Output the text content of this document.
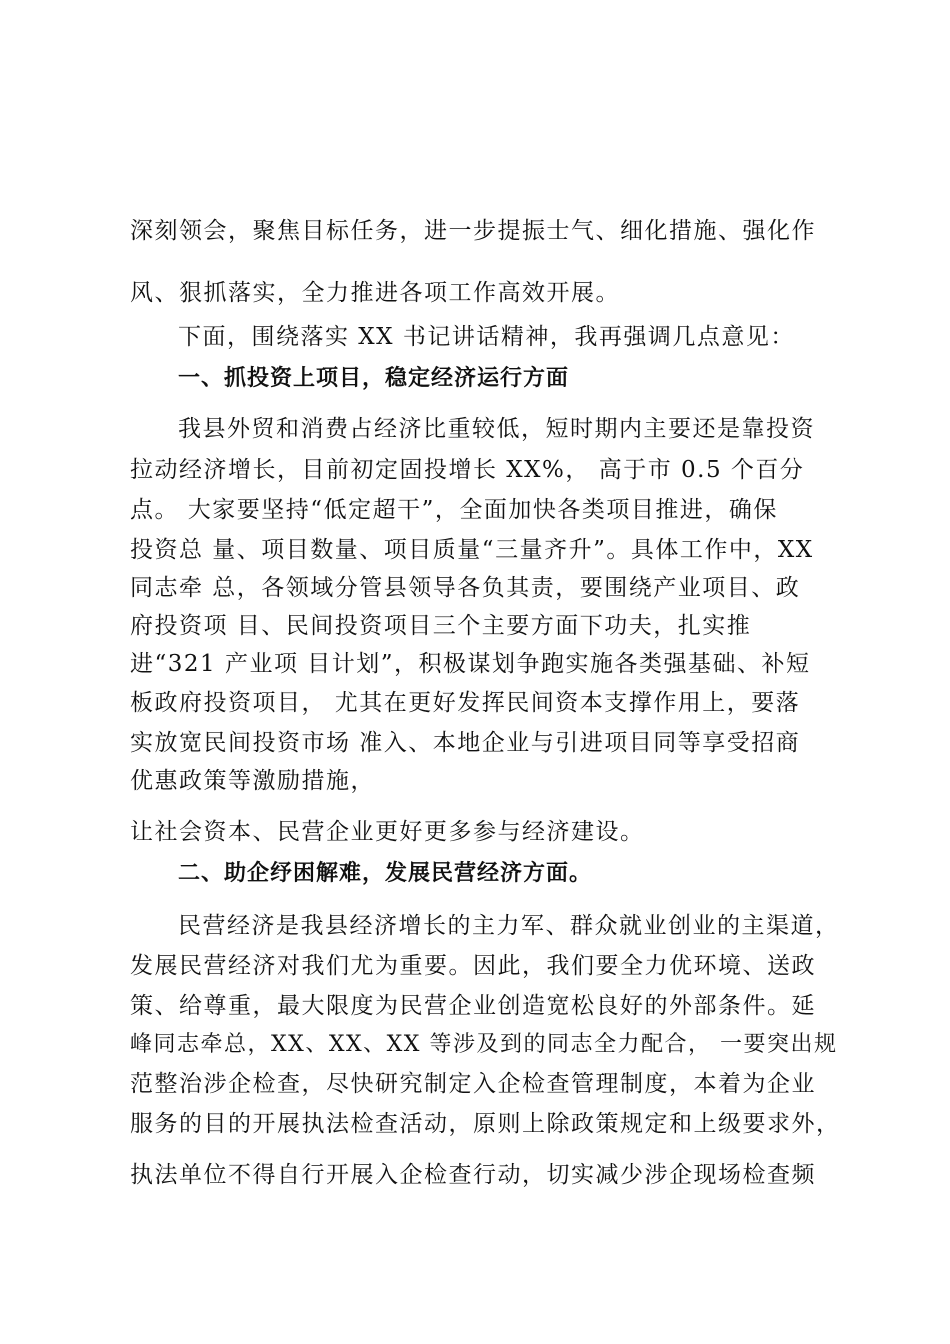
深刻领会，聚焦目标任务，进一步提振士气、细化措施、强化作
风、狠抓落实，全力推进各项工作高效开展。
下面，围绕落实 XX 书记讲话精神，我再强调几点意见：
一、抓投资上项目，稳定经济运行方面
我县外贸和消费占经济比重较低，短时期内主要还是靠投资
拉动经济增长，目前初定固投增长 XX%， 高于市 0.5 个百分
点。 大家要坚持“低定超干”，全面加快各类项目推进，确保
投资总 量、项目数量、项目质量“三量齐升”。具体工作中，XX
同志牵 总，各领域分管县领导各负其责，要围绕产业项目、政
府投资项 目、民间投资项目三个主要方面下功夫，扎实推
进“321 产业项 目计划”，积极谋划争跑实施各类强基础、补短
板政府投资项目， 尤其在更好发挥民间资本支撑作用上，要落
实放宽民间投资市场 准入、本地企业与引进项目同等享受招商
优惠政策等激励措施，
让社会资本、民营企业更好更多参与经济建设。
二、助企纾困解难，发展民营经济方面。
民营经济是我县经济增长的主力军、群众就业创业的主渠道，
发展民营经济对我们尤为重要。因此，我们要全力优环境、送政
策、给尊重，最大限度为民营企业创造宽松良好的外部条件。延
峰同志牵总，XX、XX、XX 等涉及到的同志全力配合， 一要突出规
范整治涉企检查，尽快研究制定入企检查管理制度，本着为企业
服务的目的开展执法检查活动，原则上除政策规定和上级要求外，
执法单位不得自行开展入企检查行动，切实减少涉企现场检查频
